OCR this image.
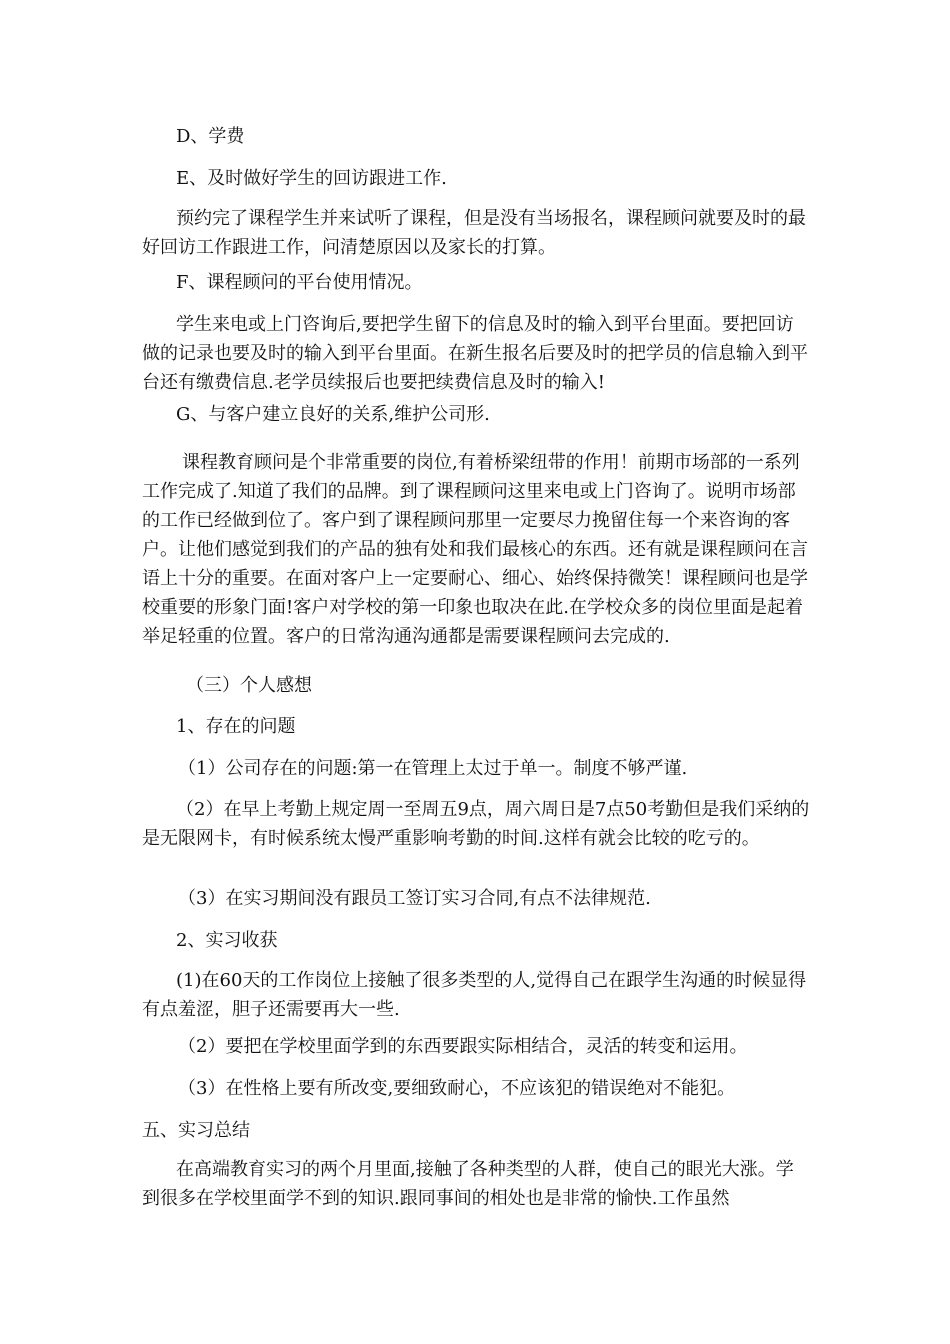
D、学费
E、及时做好学生的回访跟进工作.
预约完了课程学生并来试听了课程，但是没有当场报名，课程顾问就要及时的最好回访工作跟进工作，问清楚原因以及家长的打算。
F、课程顾问的平台使用情况。
学生来电或上门咨询后,要把学生留下的信息及时的输入到平台里面。要把回访做的记录也要及时的输入到平台里面。在新生报名后要及时的把学员的信息输入到平台还有缴费信息.老学员续报后也要把续费信息及时的输入!
G、与客户建立良好的关系,维护公司形.
课程教育顾问是个非常重要的岗位,有着桥梁纽带的作用！前期市场部的一系列工作完成了.知道了我们的品牌。到了课程顾问这里来电或上门咨询了。说明市场部的工作已经做到位了。客户到了课程顾问那里一定要尽力挽留住每一个来咨询的客户。让他们感觉到我们的产品的独有处和我们最核心的东西。还有就是课程顾问在言语上十分的重要。在面对客户上一定要耐心、细心、始终保持微笑！课程顾问也是学校重要的形象门面!客户对学校的第一印象也取决在此.在学校众多的岗位里面是起着举足轻重的位置。客户的日常沟通沟通都是需要课程顾问去完成的.
（三）个人感想
1、存在的问题
（1）公司存在的问题:第一在管理上太过于单一。制度不够严谨.
（2）在早上考勤上规定周一至周五9点，周六周日是7点50考勤但是我们采纳的是无限网卡，有时候系统太慢严重影响考勤的时间.这样有就会比较的吃亏的。
（3）在实习期间没有跟员工签订实习合同,有点不法律规范.
2、实习收获
(1)在60天的工作岗位上接触了很多类型的人,觉得自己在跟学生沟通的时候显得有点羞涩，胆子还需要再大一些.
（2）要把在学校里面学到的东西要跟实际相结合，灵活的转变和运用。
（3）在性格上要有所改变,要细致耐心，不应该犯的错误绝对不能犯。
五、实习总结
在高端教育实习的两个月里面,接触了各种类型的人群，使自己的眼光大涨。学到很多在学校里面学不到的知识.跟同事间的相处也是非常的愉快.工作虽然
